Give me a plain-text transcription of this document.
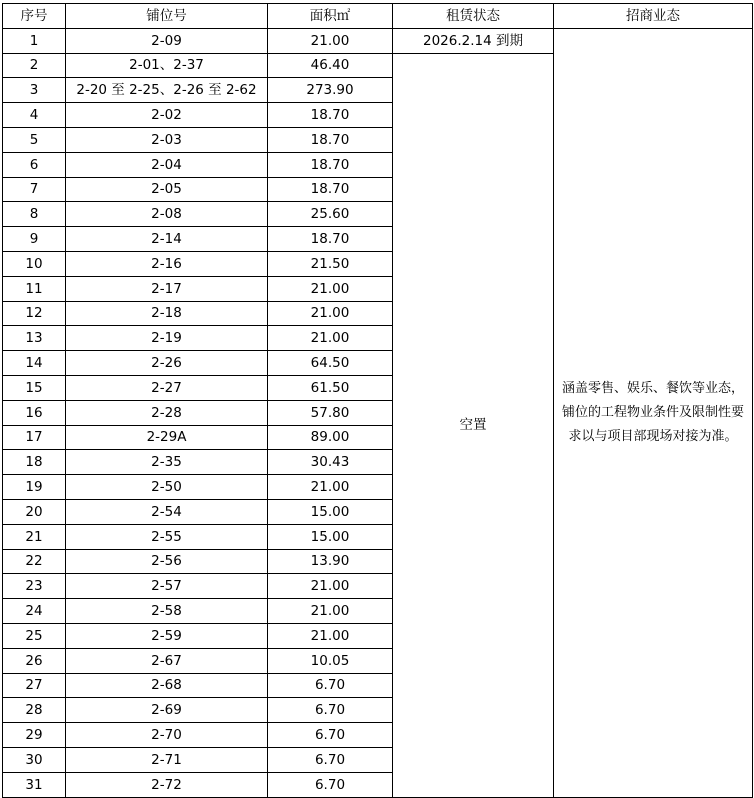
序号	铺位号	面积㎡	租赁状态	招商业态
1	2-09	21.00	2026.2.14 到期	涵盖零售、娱乐、餐饮等业态，铺位的工程物业条件及限制性要求以与项目部现场对接为准。
2	2-01、2-37	46.40	空置	
3	2-20 至 2-25、2-26 至 2-62	273.90		
4	2-02	18.70		
5	2-03	18.70		
6	2-04	18.70		
7	2-05	18.70		
8	2-08	25.60		
9	2-14	18.70		
10	2-16	21.50		
11	2-17	21.00		
12	2-18	21.00		
13	2-19	21.00		
14	2-26	64.50		
15	2-27	61.50		
16	2-28	57.80		
17	2-29A	89.00		
18	2-35	30.43		
19	2-50	21.00		
20	2-54	15.00		
21	2-55	15.00		
22	2-56	13.90		
23	2-57	21.00		
24	2-58	21.00		
25	2-59	21.00		
26	2-67	10.05		
27	2-68	6.70		
28	2-69	6.70		
29	2-70	6.70		
30	2-71	6.70		
31	2-72	6.70		
